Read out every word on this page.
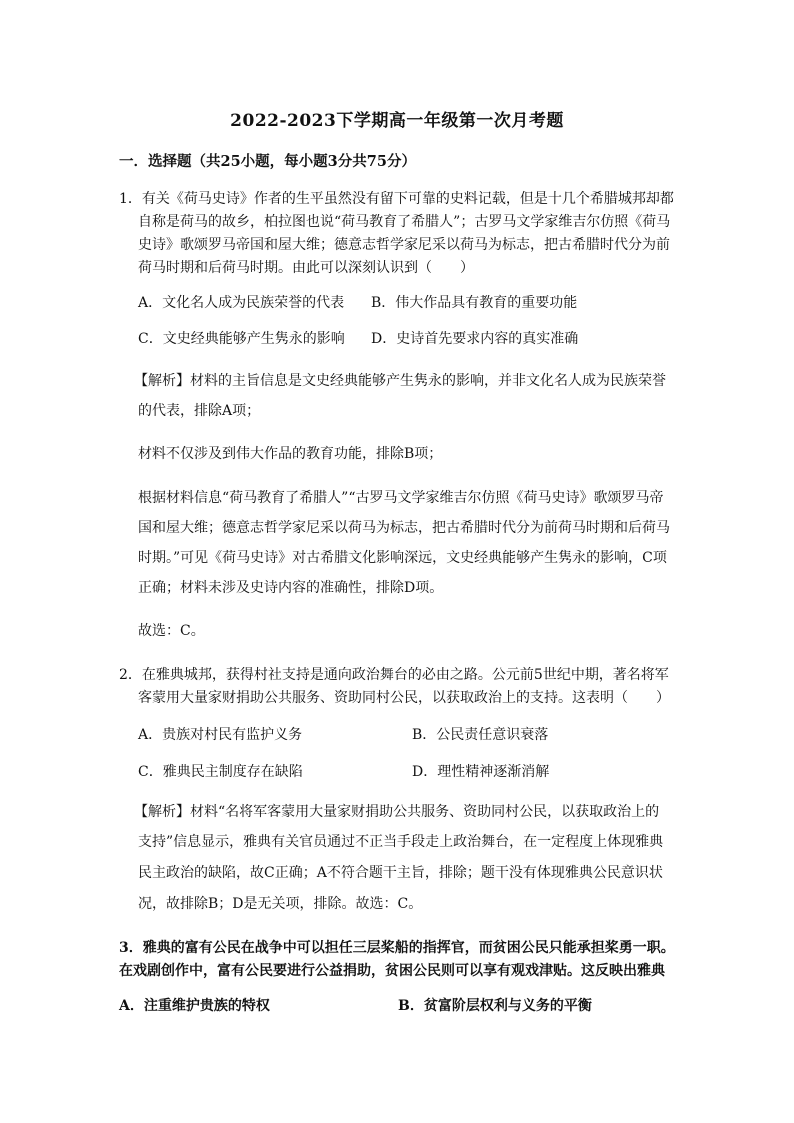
2022-2023下学期高一年级第一次月考题
一．选择题（共25小题，每小题3分共75分）
1．有关《荷马史诗》作者的生平虽然没有留下可靠的史料记载，但是十几个希腊城邦却都
自称是荷马的故乡，柏拉图也说“荷马教育了希腊人”；古罗马文学家维吉尔仿照《荷马
史诗》歌颂罗马帝国和屋大维；德意志哲学家尼采以荷马为标志，把古希腊时代分为前
荷马时期和后荷马时期。由此可以深刻认识到（　　）
A．文化名人成为民族荣誉的代表 B．伟大作品具有教育的重要功能
C．文史经典能够产生隽永的影响 D．史诗首先要求内容的真实准确
【解析】材料的主旨信息是文史经典能够产生隽永的影响，并非文化名人成为民族荣誉
的代表，排除A项；
材料不仅涉及到伟大作品的教育功能，排除B项；
根据材料信息“荷马教育了希腊人”“古罗马文学家维吉尔仿照《荷马史诗》歌颂罗马帝
国和屋大维；德意志哲学家尼采以荷马为标志，把古希腊时代分为前荷马时期和后荷马
时期。”可见《荷马史诗》对古希腊文化影响深远，文史经典能够产生隽永的影响，C项
正确；材料未涉及史诗内容的准确性，排除D项。
故选：C。
2．在雅典城邦，获得村社支持是通向政治舞台的必由之路。公元前5世纪中期，著名将军
客蒙用大量家财捐助公共服务、资助同村公民，以获取政治上的支持。这表明（　　）
A．贵族对村民有监护义务	B．公民责任意识衰落
C．雅典民主制度存在缺陷	D．理性精神逐渐消解
【解析】材料“名将军客蒙用大量家财捐助公共服务、资助同村公民，以获取政治上的
支持”信息显示，雅典有关官员通过不正当手段走上政治舞台，在一定程度上体现雅典
民主政治的缺陷，故C正确；A不符合题干主旨，排除；题干没有体现雅典公民意识状
况，故排除B；D是无关项，排除。故选：C。
3．雅典的富有公民在战争中可以担任三层桨船的指挥官，而贫困公民只能承担桨勇一职。
在戏剧创作中，富有公民要进行公益捐助，贫困公民则可以享有观戏津贴。这反映出雅典
A．注重维护贵族的特权	B．贫富阶层权利与义务的平衡
